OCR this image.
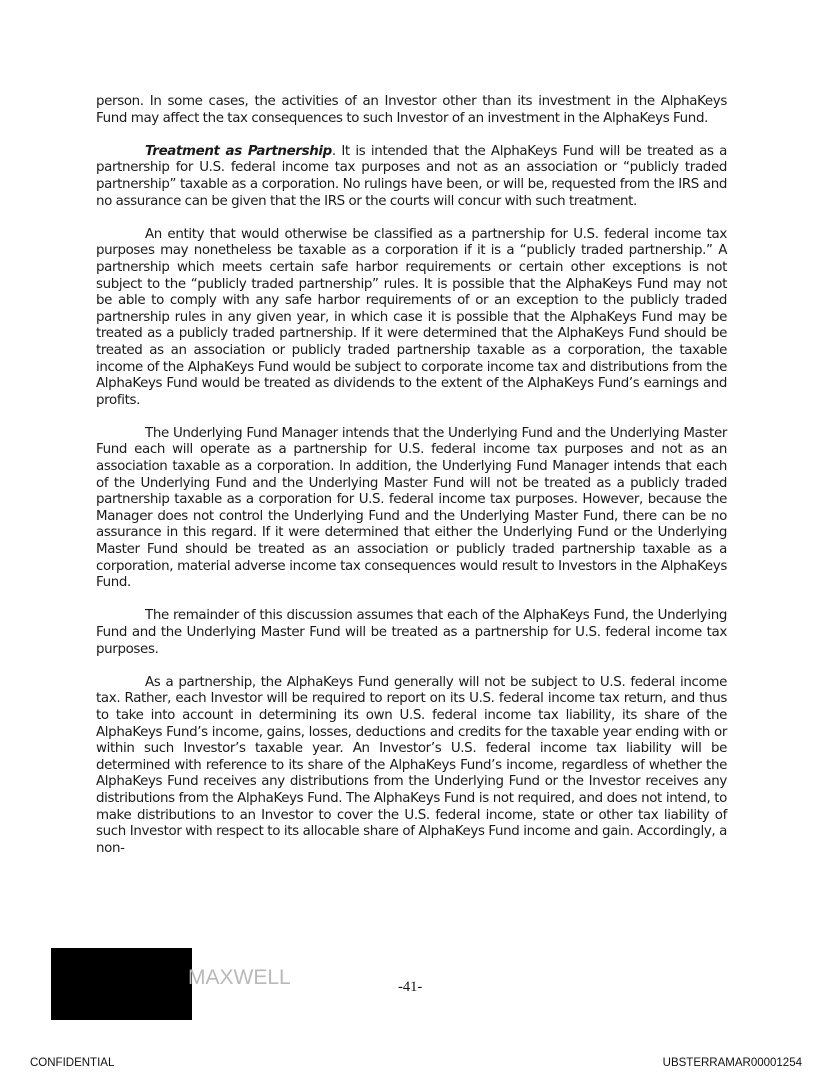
person. In some cases, the activities of an Investor other than its investment in the AlphaKeys Fund may affect the tax consequences to such Investor of an investment in the AlphaKeys Fund.

Treatment as Partnership. It is intended that the AlphaKeys Fund will be treated as a partnership for U.S. federal income tax purposes and not as an association or “publicly traded partnership” taxable as a corporation. No rulings have been, or will be, requested from the IRS and no assurance can be given that the IRS or the courts will concur with such treatment.

An entity that would otherwise be classified as a partnership for U.S. federal income tax purposes may nonetheless be taxable as a corporation if it is a “publicly traded partnership.” A partnership which meets certain safe harbor requirements or certain other exceptions is not subject to the “publicly traded partnership” rules. It is possible that the AlphaKeys Fund may not be able to comply with any safe harbor requirements of or an exception to the publicly traded partnership rules in any given year, in which case it is possible that the AlphaKeys Fund may be treated as a publicly traded partnership. If it were determined that the AlphaKeys Fund should be treated as an association or publicly traded partnership taxable as a corporation, the taxable income of the AlphaKeys Fund would be subject to corporate income tax and distributions from the AlphaKeys Fund would be treated as dividends to the extent of the AlphaKeys Fund’s earnings and profits.

The Underlying Fund Manager intends that the Underlying Fund and the Underlying Master Fund each will operate as a partnership for U.S. federal income tax purposes and not as an association taxable as a corporation. In addition, the Underlying Fund Manager intends that each of the Underlying Fund and the Underlying Master Fund will not be treated as a publicly traded partnership taxable as a corporation for U.S. federal income tax purposes. However, because the Manager does not control the Underlying Fund and the Underlying Master Fund, there can be no assurance in this regard. If it were determined that either the Underlying Fund or the Underlying Master Fund should be treated as an association or publicly traded partnership taxable as a corporation, material adverse income tax consequences would result to Investors in the AlphaKeys Fund.

The remainder of this discussion assumes that each of the AlphaKeys Fund, the Underlying Fund and the Underlying Master Fund will be treated as a partnership for U.S. federal income tax purposes.

As a partnership, the AlphaKeys Fund generally will not be subject to U.S. federal income tax. Rather, each Investor will be required to report on its U.S. federal income tax return, and thus to take into account in determining its own U.S. federal income tax liability, its share of the AlphaKeys Fund’s income, gains, losses, deductions and credits for the taxable year ending with or within such Investor’s taxable year. An Investor’s U.S. federal income tax liability will be determined with reference to its share of the AlphaKeys Fund’s income, regardless of whether the AlphaKeys Fund receives any distributions from the Underlying Fund or the Investor receives any distributions from the AlphaKeys Fund. The AlphaKeys Fund is not required, and does not intend, to make distributions to an Investor to cover the U.S. federal income, state or other tax liability of such Investor with respect to its allocable share of AlphaKeys Fund income and gain. Accordingly, a non-

MAXWELL	-41-
CONFIDENTIAL	UBSTERRAMAR00001254
